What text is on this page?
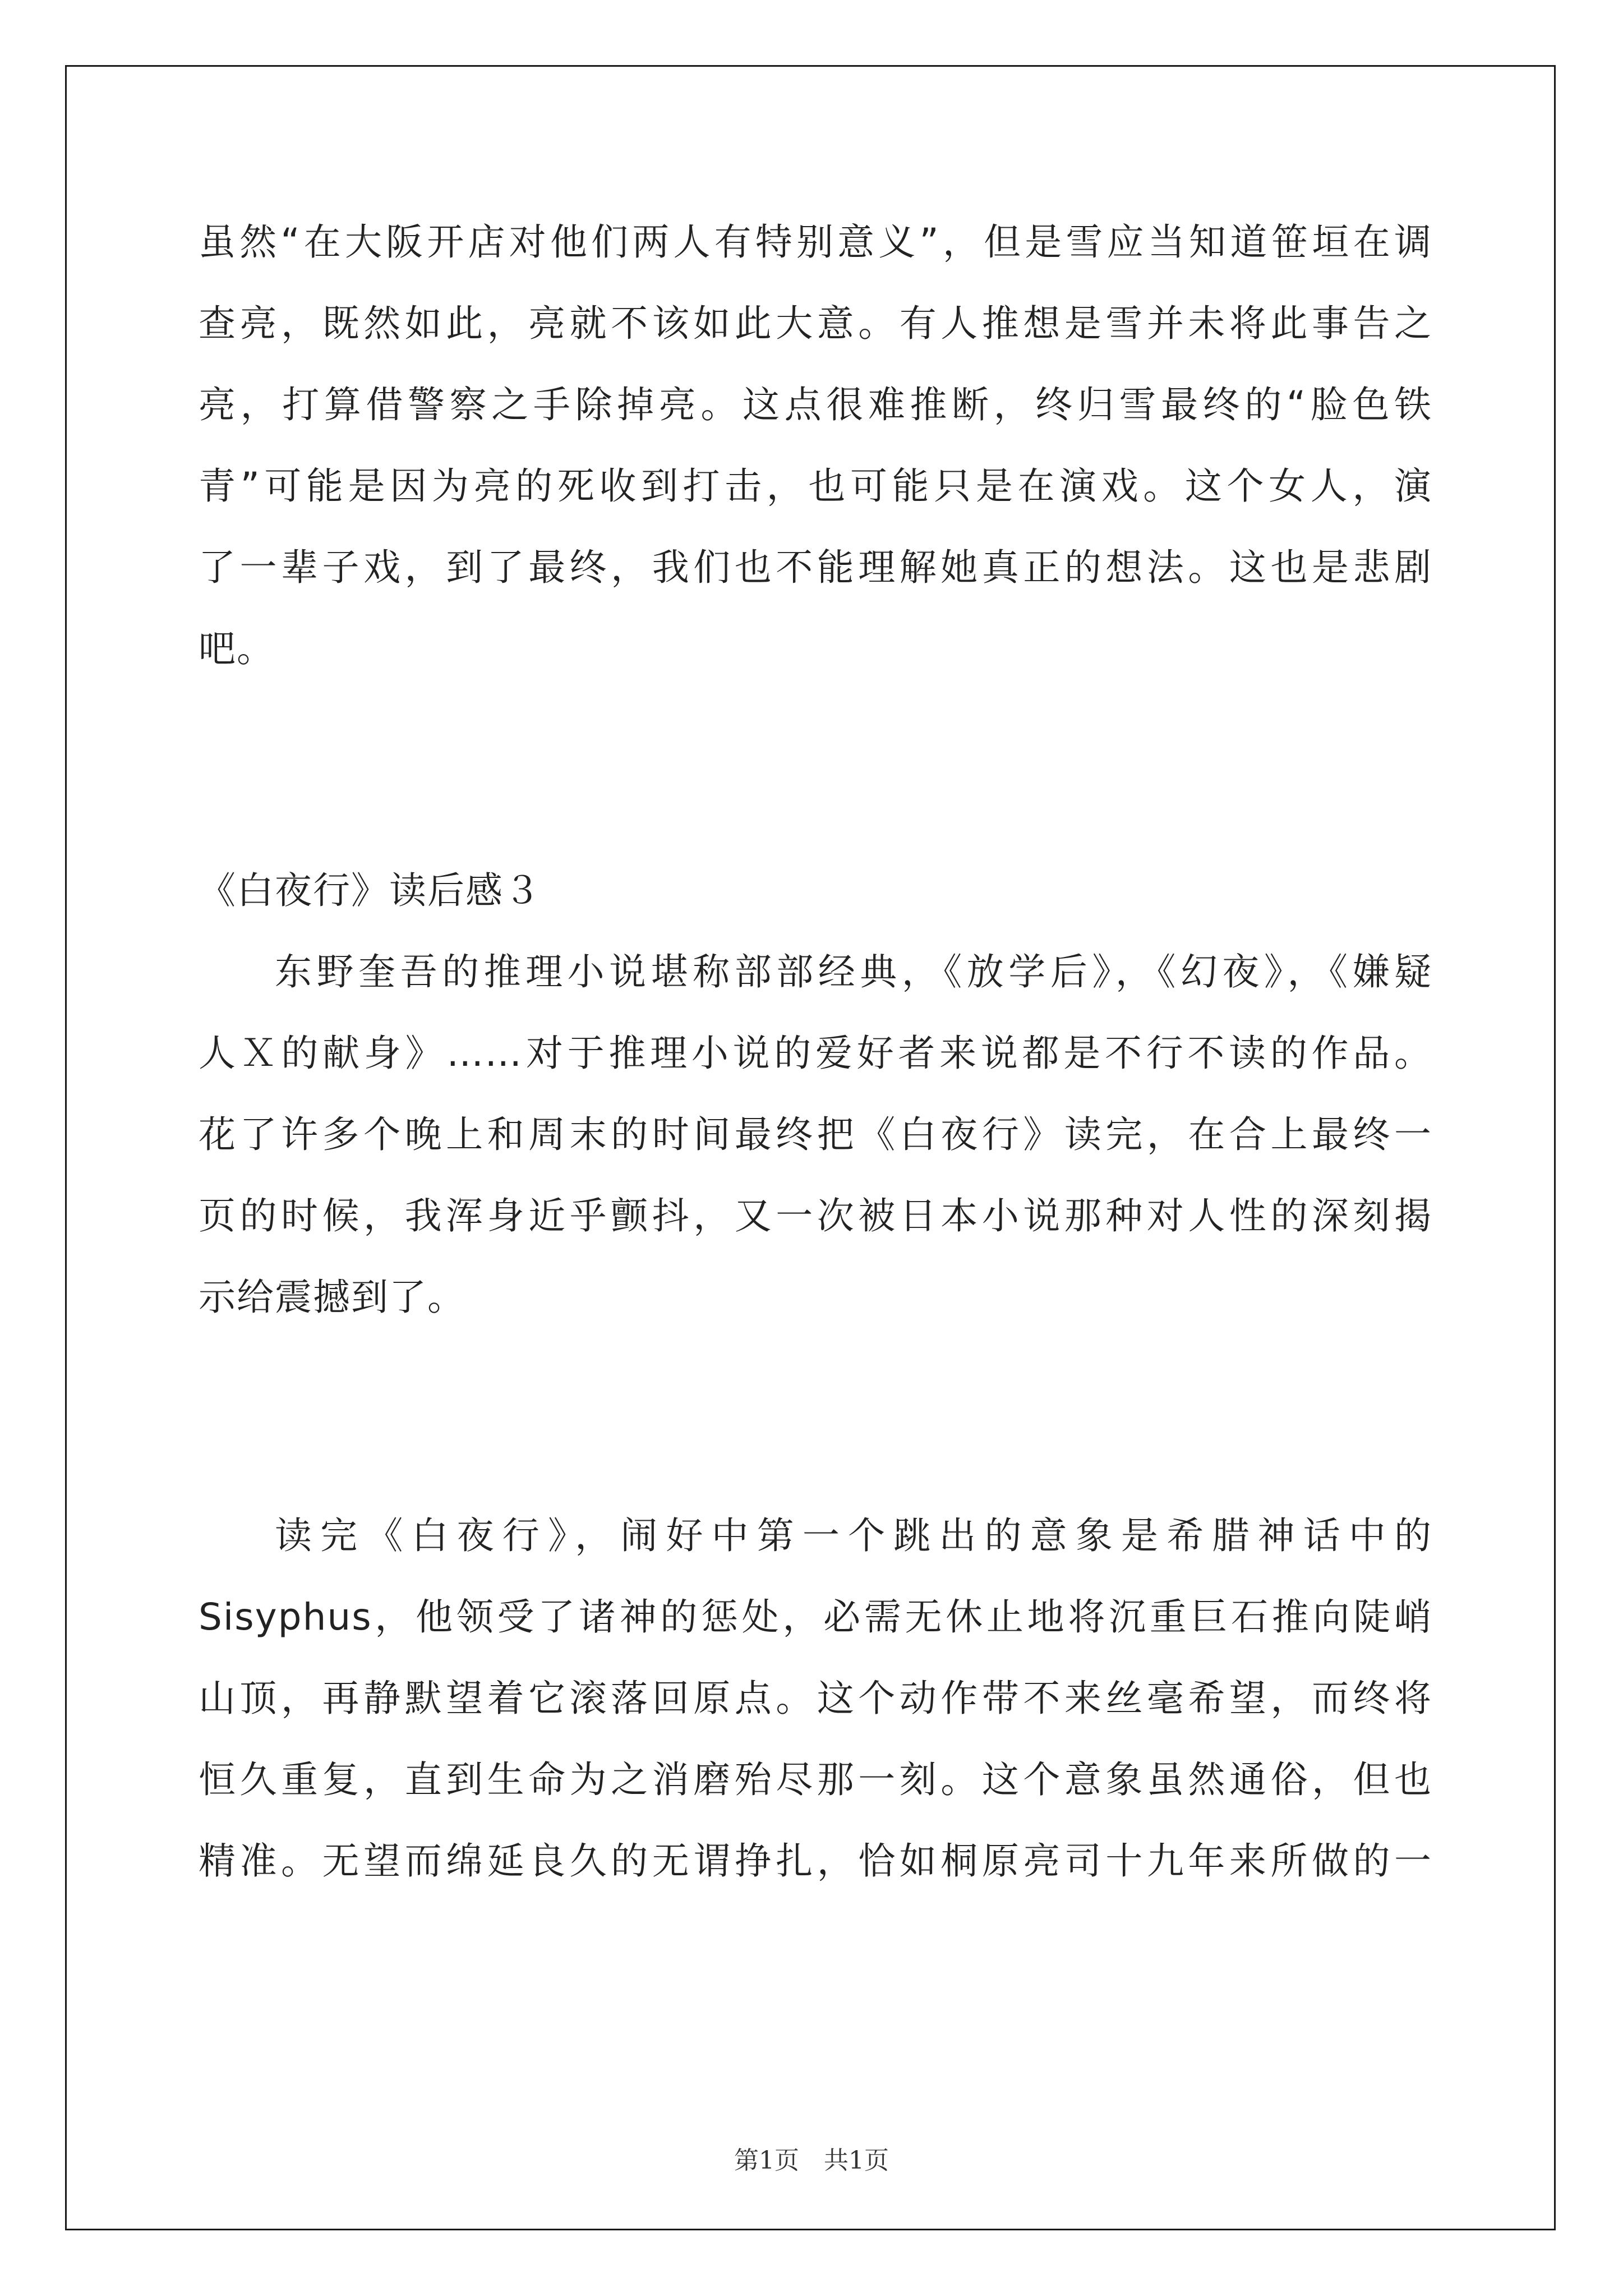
虽然“在大阪开店对他们两人有特别意义”，但是雪应当知道笹垣在调
查亮，既然如此，亮就不该如此大意。有人推想是雪并未将此事告之
亮，打算借警察之手除掉亮。这点很难推断，终归雪最终的“脸色铁
青”可能是因为亮的死收到打击，也可能只是在演戏。这个女人，演
了一辈子戏，到了最终，我们也不能理解她真正的想法。这也是悲剧
吧。
《白夜行》读后感３
东野奎吾的推理小说堪称部部经典，《放学后》，《幻夜》，《嫌疑
人Ｘ的献身》……对于推理小说的爱好者来说都是不行不读的作品。
花了许多个晚上和周末的时间最终把《白夜行》读完，在合上最终一
页的时候，我浑身近乎颤抖，又一次被日本小说那种对人性的深刻揭
示给震撼到了。
读完《白夜行》，闹好中第一个跳出的意象是希腊神话中的
Sisyphus，他领受了诸神的惩处，必需无休止地将沉重巨石推向陡峭
山顶，再静默望着它滚落回原点。这个动作带不来丝毫希望，而终将
恒久重复，直到生命为之消磨殆尽那一刻。这个意象虽然通俗，但也
精准。无望而绵延良久的无谓挣扎，恰如桐原亮司十九年来所做的一
第1页　共1页
